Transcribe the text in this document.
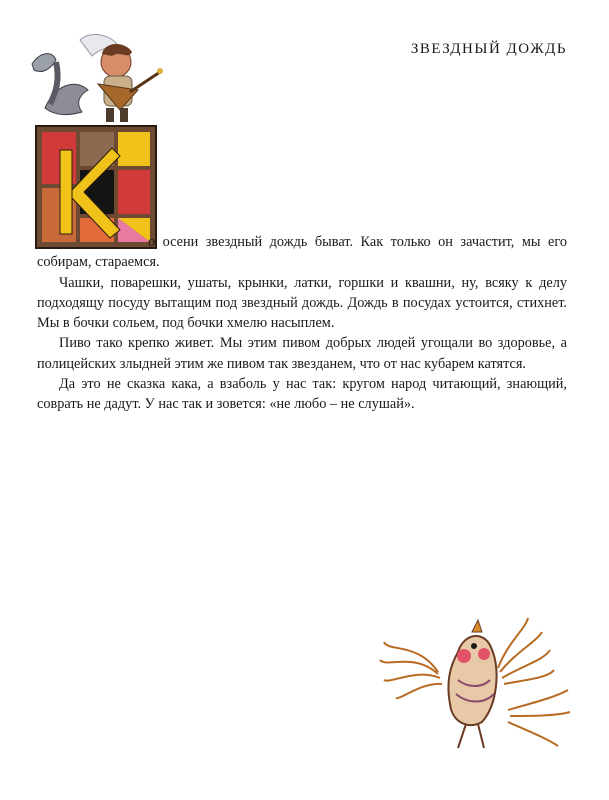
ЗВЕЗДНЫЙ ДОЖДЬ

о осени звездный дождь быват. Как только он зачастит, мы его собирам, стараемся.

Чашки, поварешки, ушаты, крынки, латки, горшки и квашни, ну, всяку к делу подходящу посуду вытащим под звездный дождь. Дождь в посудах устоится, стихнет. Мы в бочки сольем, под бочки хмелю насыплем.

Пиво тако крепко живет. Мы этим пивом добрых людей угощали во здоровье, а полицейских злыдней этим же пивом так звезданем, что от нас кубарем катятся.

Да это не сказка кака, а взаболь у нас так: кругом народ читающий, знающий, соврать не дадут. У нас так и зовется: «не любо – не слушай».
